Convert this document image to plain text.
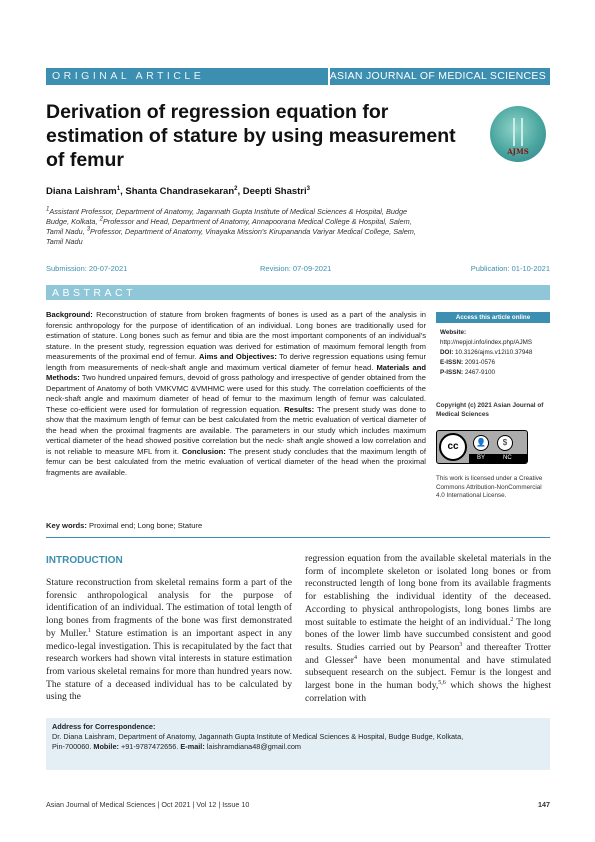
ORIGINAL ARTICLE	ASIAN JOURNAL OF MEDICAL SCIENCES
Derivation of regression equation for estimation of stature by using measurement of femur	AJMS
Diana Laishram$^1$, Shanta Chandrasekaran$^2$, Deepti Shastri$^3$
$^1$Assistant Professor, Department of Anatomy, Jagannath Gupta Institute of Medical Sciences & Hospital, Budge Budge, Kolkata, $^2$Professor and Head, Department of Anatomy, Annapoorana Medical College & Hospital, Salem, Tamil Nadu, $^3$Professor, Department of Anatomy, Vinayaka Mission's Kirupananda Variyar Medical College, Salem, Tamil Nadu
Submission: 20-07-2021	Revision: 07-09-2021	Publication: 01-10-2021
ABSTRACT
Background: Reconstruction of stature from broken fragments of bones is used as a part of the analysis in forensic anthropology for the purpose of identification of an individual. Long bones are traditionally used for estimation of stature. Long bones such as femur and tibia are the most important components of an individual's stature. In the present study, regression equation was derived for estimation of maximum femoral length from measurements of the proximal end of femur. Aims and Objectives: To derive regression equations using femur length from measurements of neck-shaft angle and maximum vertical diameter of femur head. Materials and Methods: Two hundred unpaired femurs, devoid of gross pathology and irrespective of gender obtained from the Department of Anatomy of both VMKVMC &VMHMC were used for this study. The correlation coefficients of the neck-shaft angle and maximum diameter of head of femur to the maximum length of femur was calculated. These co-efficient were used for formulation of regression equation. Results: The present study was done to show that the maximum length of femur can be best calculated from the metric evaluation of vertical diameter of the head when the proximal fragments are available. The parameters in our study which includes maximum vertical diameter of the head showed positive correlation but the neck- shaft angle showed a low correlation and is not reliable to measure MFL from it. Conclusion: The present study concludes that the maximum length of femur can be best calculated from the metric evaluation of vertical diameter of the head when the proximal fragments are available.
Key words: Proximal end; Long bone; Stature
Access this article online
Website:
http://nepjol.info/index.php/AJMS
DOI: 10.3126/ajms.v12i10.37948
E-ISSN: 2091-0576
P-ISSN: 2467-9100
Copyright (c) 2021 Asian Journal of Medical Sciences
cc	👤	$
BY	NC
This work is licensed under a Creative Commons Attribution-NonCommercial 4.0 International License.
INTRODUCTION

Stature reconstruction from skeletal remains form a part of the forensic anthropological analysis for the purpose of identification of an individual. The estimation of total length of long bones from fragments of the bone was first demonstrated by Muller.$^1$ Stature estimation is an important aspect in any medico-legal investigation. This is recapitulated by the fact that research workers had shown vital interests in stature estimation from various skeletal remains for more than hundred years now. The stature of a deceased individual has to be calculated by using the

regression equation from the available skeletal materials in the form of incomplete skeleton or isolated long bones or from reconstructed length of long bone from its available fragments for establishing the individual identity of the deceased. According to physical anthropologists, long bones limbs are most suitable to estimate the height of an individual.$^2$ The long bones of the lower limb have succumbed consistent and good results. Studies carried out by Pearson$^3$ and thereafter Trotter and Glesser$^4$ have been monumental and have stimulated subsequent research on the subject. Femur is the longest and largest bone in the human body,$^{5,6}$ which shows the highest correlation with

Address for Correspondence:
Dr. Diana Laishram, Department of Anatomy, Jagannath Gupta Institute of Medical Sciences & Hospital, Budge Budge, Kolkata,
Pin-700060. Mobile: +91-9787472656. E-mail: laishramdiana48@gmail.com
Asian Journal of Medical Sciences | Oct 2021 | Vol 12 | Issue 10	147
